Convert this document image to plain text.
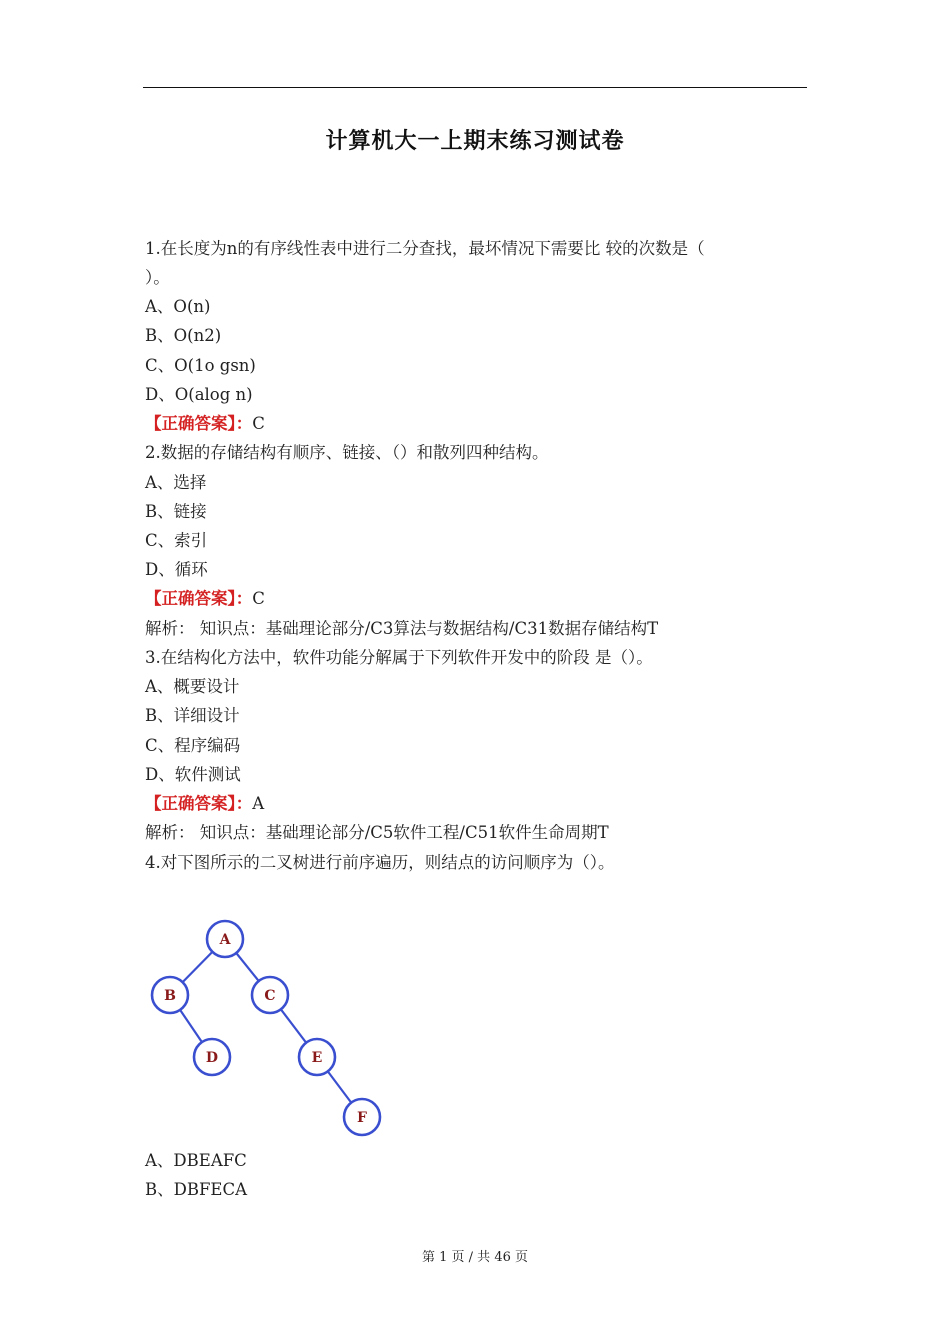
计算机大一上期末练习测试卷
1.在长度为n的有序线性表中进行二分查找，最坏情况下需要比 较的次数是（
）。
A、O(n)
B、O(n2)
C、O(1o gsn)
D、O(alog n)
【正确答案】：C
2.数据的存储结构有顺序、链接、（）和散列四种结构。
A、选择
B、链接
C、索引
D、循环
【正确答案】：C
解析： 知识点：基础理论部分/C3算法与数据结构/C31数据存储结构T
3.在结构化方法中，软件功能分解属于下列软件开发中的阶段 是（）。
A、概要设计
B、详细设计
C、程序编码
D、软件测试
【正确答案】：A
解析： 知识点：基础理论部分/C5软件工程/C51软件生命周期T
4.对下图所示的二叉树进行前序遍历，则结点的访问顺序为（）。
A
B	C
D	E
F
A、DBEAFC
B、DBFECA
第 1 页 / 共 46 页
